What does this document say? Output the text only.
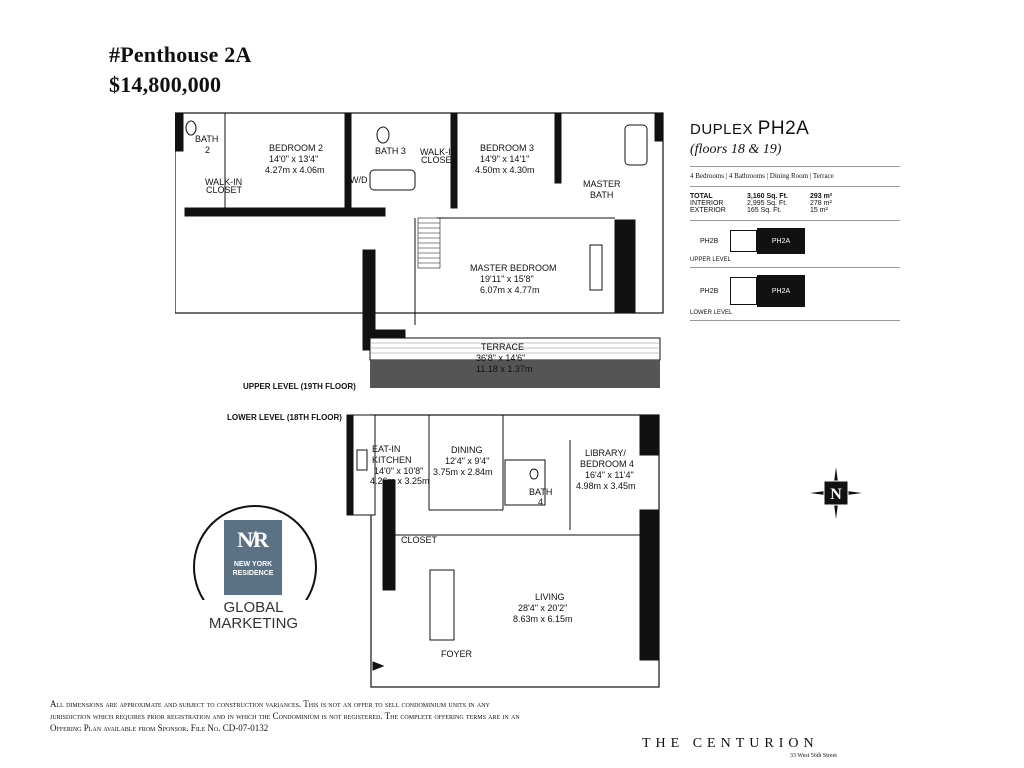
#Penthouse 2A
$14,800,000
BATH
2
WALK-IN
CLOSET
BEDROOM 2
14'0" x 13'4"
4.27m x 4.06m
BATH 3
W/D
WALK-IN
CLOSET
BEDROOM 3
14'9" x 14'1"
4.50m x 4.30m
MASTER
BATH
MASTER BEDROOM
19'11" x 15'8"
6.07m x 4.77m	DRESSER
TERRACE
36'8" x 14'6"
11.18 x 1.37m
UPPER LEVEL (19TH FLOOR)
LOWER LEVEL (18TH FLOOR)
EAT-IN
KITCHEN
14'0" x 10'8"
4.26m x 3.25m
DINING
12'4" x 9'4"
3.75m x 2.84m
LIBRARY/
BEDROOM 4
16'4" x 11'4"
4.98m x 3.45m
BATH
4
CLOSET
LIVING
28'4" x 20'2"
8.63m x 6.15m
FOYER
DUPLEX PH2A
(floors 18 & 19)
4 Bedrooms | 4 Bathrooms | Dining Room | Terrace
TOTAL	3,160 Sq. Ft.	293 m²
INTERIOR	2,995 Sq. Ft.	278 m²
EXTERIOR	165 Sq. Ft.	15 m²
PH2B	PH2A
UPPER LEVEL
PH2B	PH2A
LOWER LEVEL
N
N̸R
NEW YORK
RESIDENCE
GLOBAL
MARKETING
All dimensions are approximate and subject to construction variances. This is not an offer to sell condominium units in any jurisdiction which requires prior registration and in which the Condominium is not registered. The complete offering terms are in an Offering Plan available from Sponsor. File No. CD-07-0132
THE CENTURION
33 West 56th Street
